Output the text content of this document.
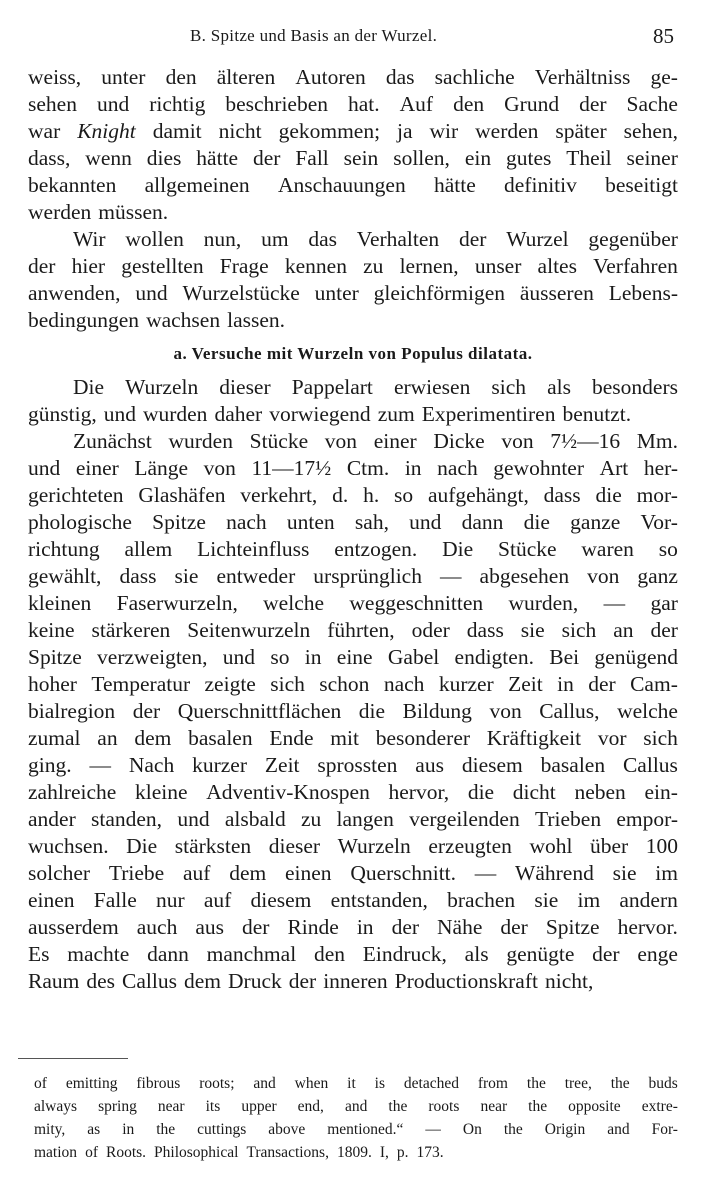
B. Spitze und Basis an der Wurzel.	85
weiss, unter den älteren Autoren das sachliche Verhältniss ge-
sehen und richtig beschrieben hat. Auf den Grund der Sache
war Knight damit nicht gekommen; ja wir werden später sehen,
dass, wenn dies hätte der Fall sein sollen, ein gutes Theil seiner
bekannten allgemeinen Anschauungen hätte definitiv beseitigt
werden müssen.
Wir wollen nun, um das Verhalten der Wurzel gegenüber
der hier gestellten Frage kennen zu lernen, unser altes Verfahren
anwenden, und Wurzelstücke unter gleichförmigen äusseren Lebens-
bedingungen wachsen lassen.
a. Versuche mit Wurzeln von Populus dilatata.
Die Wurzeln dieser Pappelart erwiesen sich als besonders
günstig, und wurden daher vorwiegend zum Experimentiren benutzt.
Zunächst wurden Stücke von einer Dicke von 7½—16 Mm.
und einer Länge von 11—17½ Ctm. in nach gewohnter Art her-
gerichteten Glashäfen verkehrt, d. h. so aufgehängt, dass die mor-
phologische Spitze nach unten sah, und dann die ganze Vor-
richtung allem Lichteinfluss entzogen. Die Stücke waren so
gewählt, dass sie entweder ursprünglich — abgesehen von ganz
kleinen Faserwurzeln, welche weggeschnitten wurden, — gar
keine stärkeren Seitenwurzeln führten, oder dass sie sich an der
Spitze verzweigten, und so in eine Gabel endigten. Bei genügend
hoher Temperatur zeigte sich schon nach kurzer Zeit in der Cam-
bialregion der Querschnittflächen die Bildung von Callus, welche
zumal an dem basalen Ende mit besonderer Kräftigkeit vor sich
ging. — Nach kurzer Zeit sprossten aus diesem basalen Callus
zahlreiche kleine Adventiv-Knospen hervor, die dicht neben ein-
ander standen, und alsbald zu langen vergeilenden Trieben empor-
wuchsen. Die stärksten dieser Wurzeln erzeugten wohl über 100
solcher Triebe auf dem einen Querschnitt. — Während sie im
einen Falle nur auf diesem entstanden, brachen sie im andern
ausserdem auch aus der Rinde in der Nähe der Spitze hervor.
Es machte dann manchmal den Eindruck, als genügte der enge
Raum des Callus dem Druck der inneren Productionskraft nicht,
of emitting fibrous roots; and when it is detached from the tree, the buds
always spring near its upper end, and the roots near the opposite extre-
mity, as in the cuttings above mentioned.“ — On the Origin and For-
mation of Roots. Philosophical Transactions, 1809. I, p. 173.
